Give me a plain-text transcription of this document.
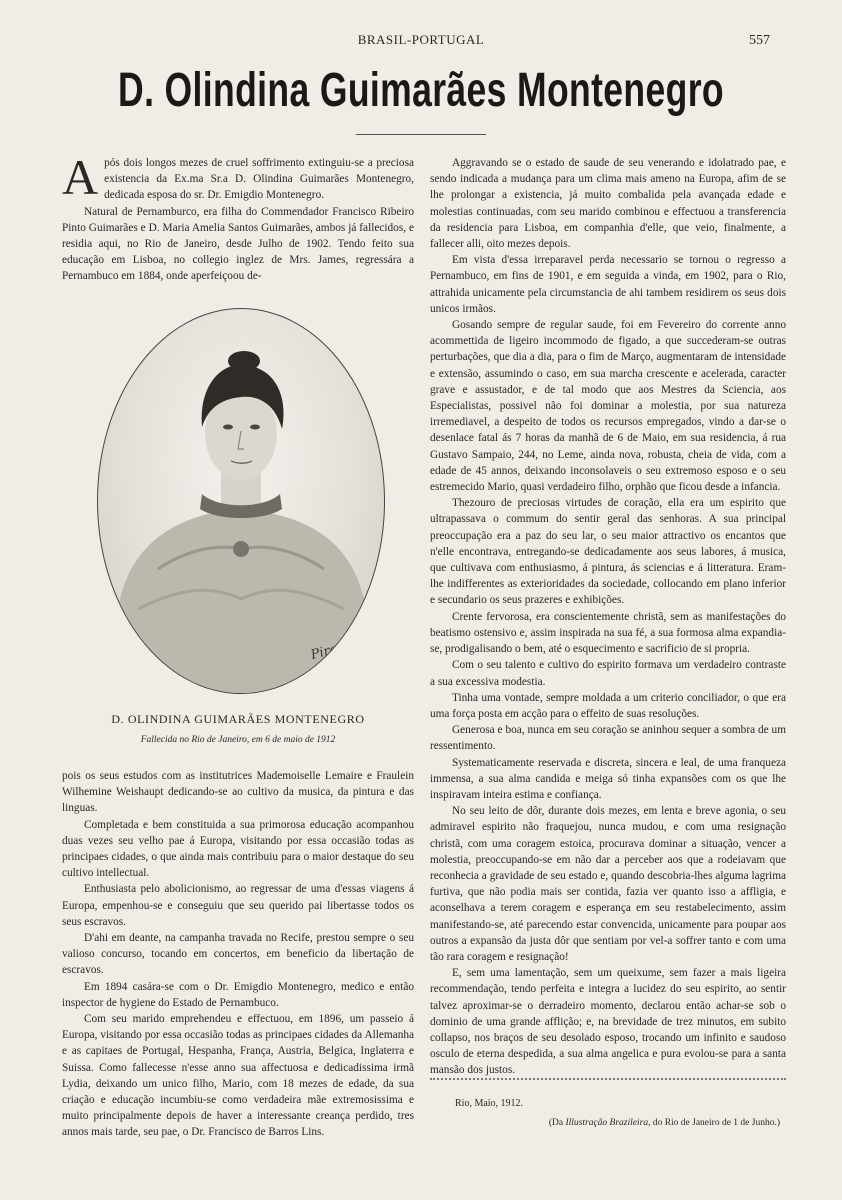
BRASIL-PORTUGAL	557
D. Olindina Guimarães Montenegro

Após dois longos mezes de cruel soffrimento extinguiu-se a preciosa existencia da Ex.ma Sr.a D. Olindina Guimarães Montenegro, dedicada esposa do sr. Dr. Emigdio Montenegro.

Natural de Pernamburco, era filha do Commendador Francisco Ribeiro Pinto Guimarães e D. Maria Amelia Santos Guimarães, ambos já fallecidos, e residia aqui, no Rio de Janeiro, desde Julho de 1902. Tendo feito sua educação em Lisboa, no collegio inglez de Mrs. James, regressára a Pernambuco em 1884, onde aperfeiçoou de-

Pires
D. OLINDINA GUIMARÃES MONTENEGRO
Fallecida no Rio de Janeiro, em 6 de maio de 1912

pois os seus estudos com as institutrices Mademoiselle Lemaire e Fraulein Wilhemine Weishaupt dedicando-se ao cultivo da musica, da pintura e das linguas.

Completada e bem constituida a sua primorosa educação acompanhou duas vezes seu velho pae á Europa, visitando por essa occasião todas as principaes cidades, o que ainda mais contribuiu para o maior destaque do seu cultivo intellectual.

Enthusiasta pelo abolicionismo, ao regressar de uma d'essas viagens á Europa, empenhou-se e conseguiu que seu querido pai libertasse todos os seus escravos.

D'ahi em deante, na campanha travada no Recife, prestou sempre o seu valioso concurso, tocando em concertos, em beneficio da libertação de escravos.

Em 1894 casára-se com o Dr. Emigdio Montenegro, medico e então inspector de hygiene do Estado de Pernambuco.

Com seu marido emprehendeu e effectuou, em 1896, um passeio á Europa, visitando por essa occasião todas as principaes cidades da Allemanha e as capitaes de Portugal, Hespanha, França, Austria, Belgica, Inglaterra e Suissa. Como fallecesse n'esse anno sua affectuosa e dedicadissima irmã Lydia, deixando um unico filho, Mario, com 18 mezes de edade, da sua criação e educação incumbiu-se como verdadeira mãe extremosissima e muito principalmente depois de haver a interessante creança perdido, tres annos mais tarde, seu pae, o Dr. Francisco de Barros Lins.

Aggravando se o estado de saude de seu venerando e idolatrado pae, e sendo indicada a mudança para um clima mais ameno na Europa, afim de se lhe prolongar a existencia, já muito combalida pela avançada edade e molestias continuadas, com seu marido combinou e effectuou a transferencia da residencia para Lisboa, em companhia d'elle, que veio, finalmente, a fallecer alli, oito mezes depois.

Em vista d'essa irreparavel perda necessario se tornou o regresso a Pernambuco, em fins de 1901, e em seguida a vinda, em 1902, para o Rio, attrahida unicamente pela circumstancia de ahi tambem residirem os seus dois unicos irmãos.

Gosando sempre de regular saude, foi em Fevereiro do corrente anno acommettida de ligeiro incommodo de figado, a que succederam-se outras perturbações, que dia a dia, para o fim de Março, augmentaram de intensidade e extensão, assumindo o caso, em sua marcha crescente e acelerada, caracter grave e assustador, e de tal modo que aos Mestres da Sciencia, aos Especialistas, possivel não foi dominar a molestia, por sua natureza irremediavel, a despeito de todos os recursos empregados, vindo a dar-se o desenlace fatal ás 7 horas da manhã de 6 de Maio, em sua residencia, á rua Gustavo Sampaio, 244, no Leme, ainda nova, robusta, cheia de vida, com a edade de 45 annos, deixando inconsolaveis o seu extremoso esposo e o seu estremecido Mario, quasi verdadeiro filho, orphão que ficou desde a infancia.

Thezouro de preciosas virtudes de coração, ella era um espirito que ultrapassava o commum do sentir geral das senhoras. A sua principal preoccupação era a paz do seu lar, o seu maior attractivo os encantos que n'elle encontrava, entregando-se dedicadamente aos seus labores, á musica, que cultivava com enthusiasmo, á pintura, ás sciencias e á litteratura. Eram-lhe indifferentes as exterioridades da sociedade, collocando em plano inferior e secundario os seus prazeres e exhibições.

Crente fervorosa, era conscientemente christã, sem as manifestações do beatismo ostensivo e, assim inspirada na sua fé, a sua formosa alma expandia-se, prodigalisando o bem, até o esquecimento e sacrificio de si propria.

Com o seu talento e cultivo do espirito formava um verdadeiro contraste a sua excessiva modestia.

Tinha uma vontade, sempre moldada a um criterio conciliador, o que era uma força posta em acção para o effeito de suas resoluções.

Generosa e boa, nunca em seu coração se aninhou sequer a sombra de um ressentimento.

Systematicamente reservada e discreta, sincera e leal, de uma franqueza immensa, a sua alma candida e meiga só tinha expansões com os que lhe inspiravam inteira estima e confiança.

No seu leito de dôr, durante dois mezes, em lenta e breve agonia, o seu admiravel espirito não fraquejou, nunca mudou, e com uma resignação christã, com uma coragem estoica, procurava dominar a situação, vencer a molestia, preoccupando-se em não dar a perceber aos que a rodeiavam que reconhecia a gravidade de seu estado e, quando descobria-lhes alguma lagrima furtiva, que não podia mais ser contida, fazia ver quanto isso a affligia, e aconselhava a terem coragem e esperança em seu restabelecimento, assim manifestando-se, até parecendo estar convencida, unicamente para poupar aos outros a expansão da justa dôr que sentiam por vel-a soffrer tanto e com uma tão rara coragem e resignação!

E, sem uma lamentação, sem um queixume, sem fazer a mais ligeira recommendação, tendo perfeita e integra a lucidez do seu espirito, ao sentir talvez aproximar-se o derradeiro momento, declarou então achar-se sob o dominio de uma grande afflição; e, na brevidade de trez minutos, em subito collapso, nos braços de seu desolado esposo, trocando um infinito e saudoso osculo de eterna despedida, a sua alma angelica e pura evolou-se para a santa mansão dos justos.

Rio, Maio, 1912.
(Da Illustração Brazileira, do Rio de Janeiro de 1 de Junho.)
